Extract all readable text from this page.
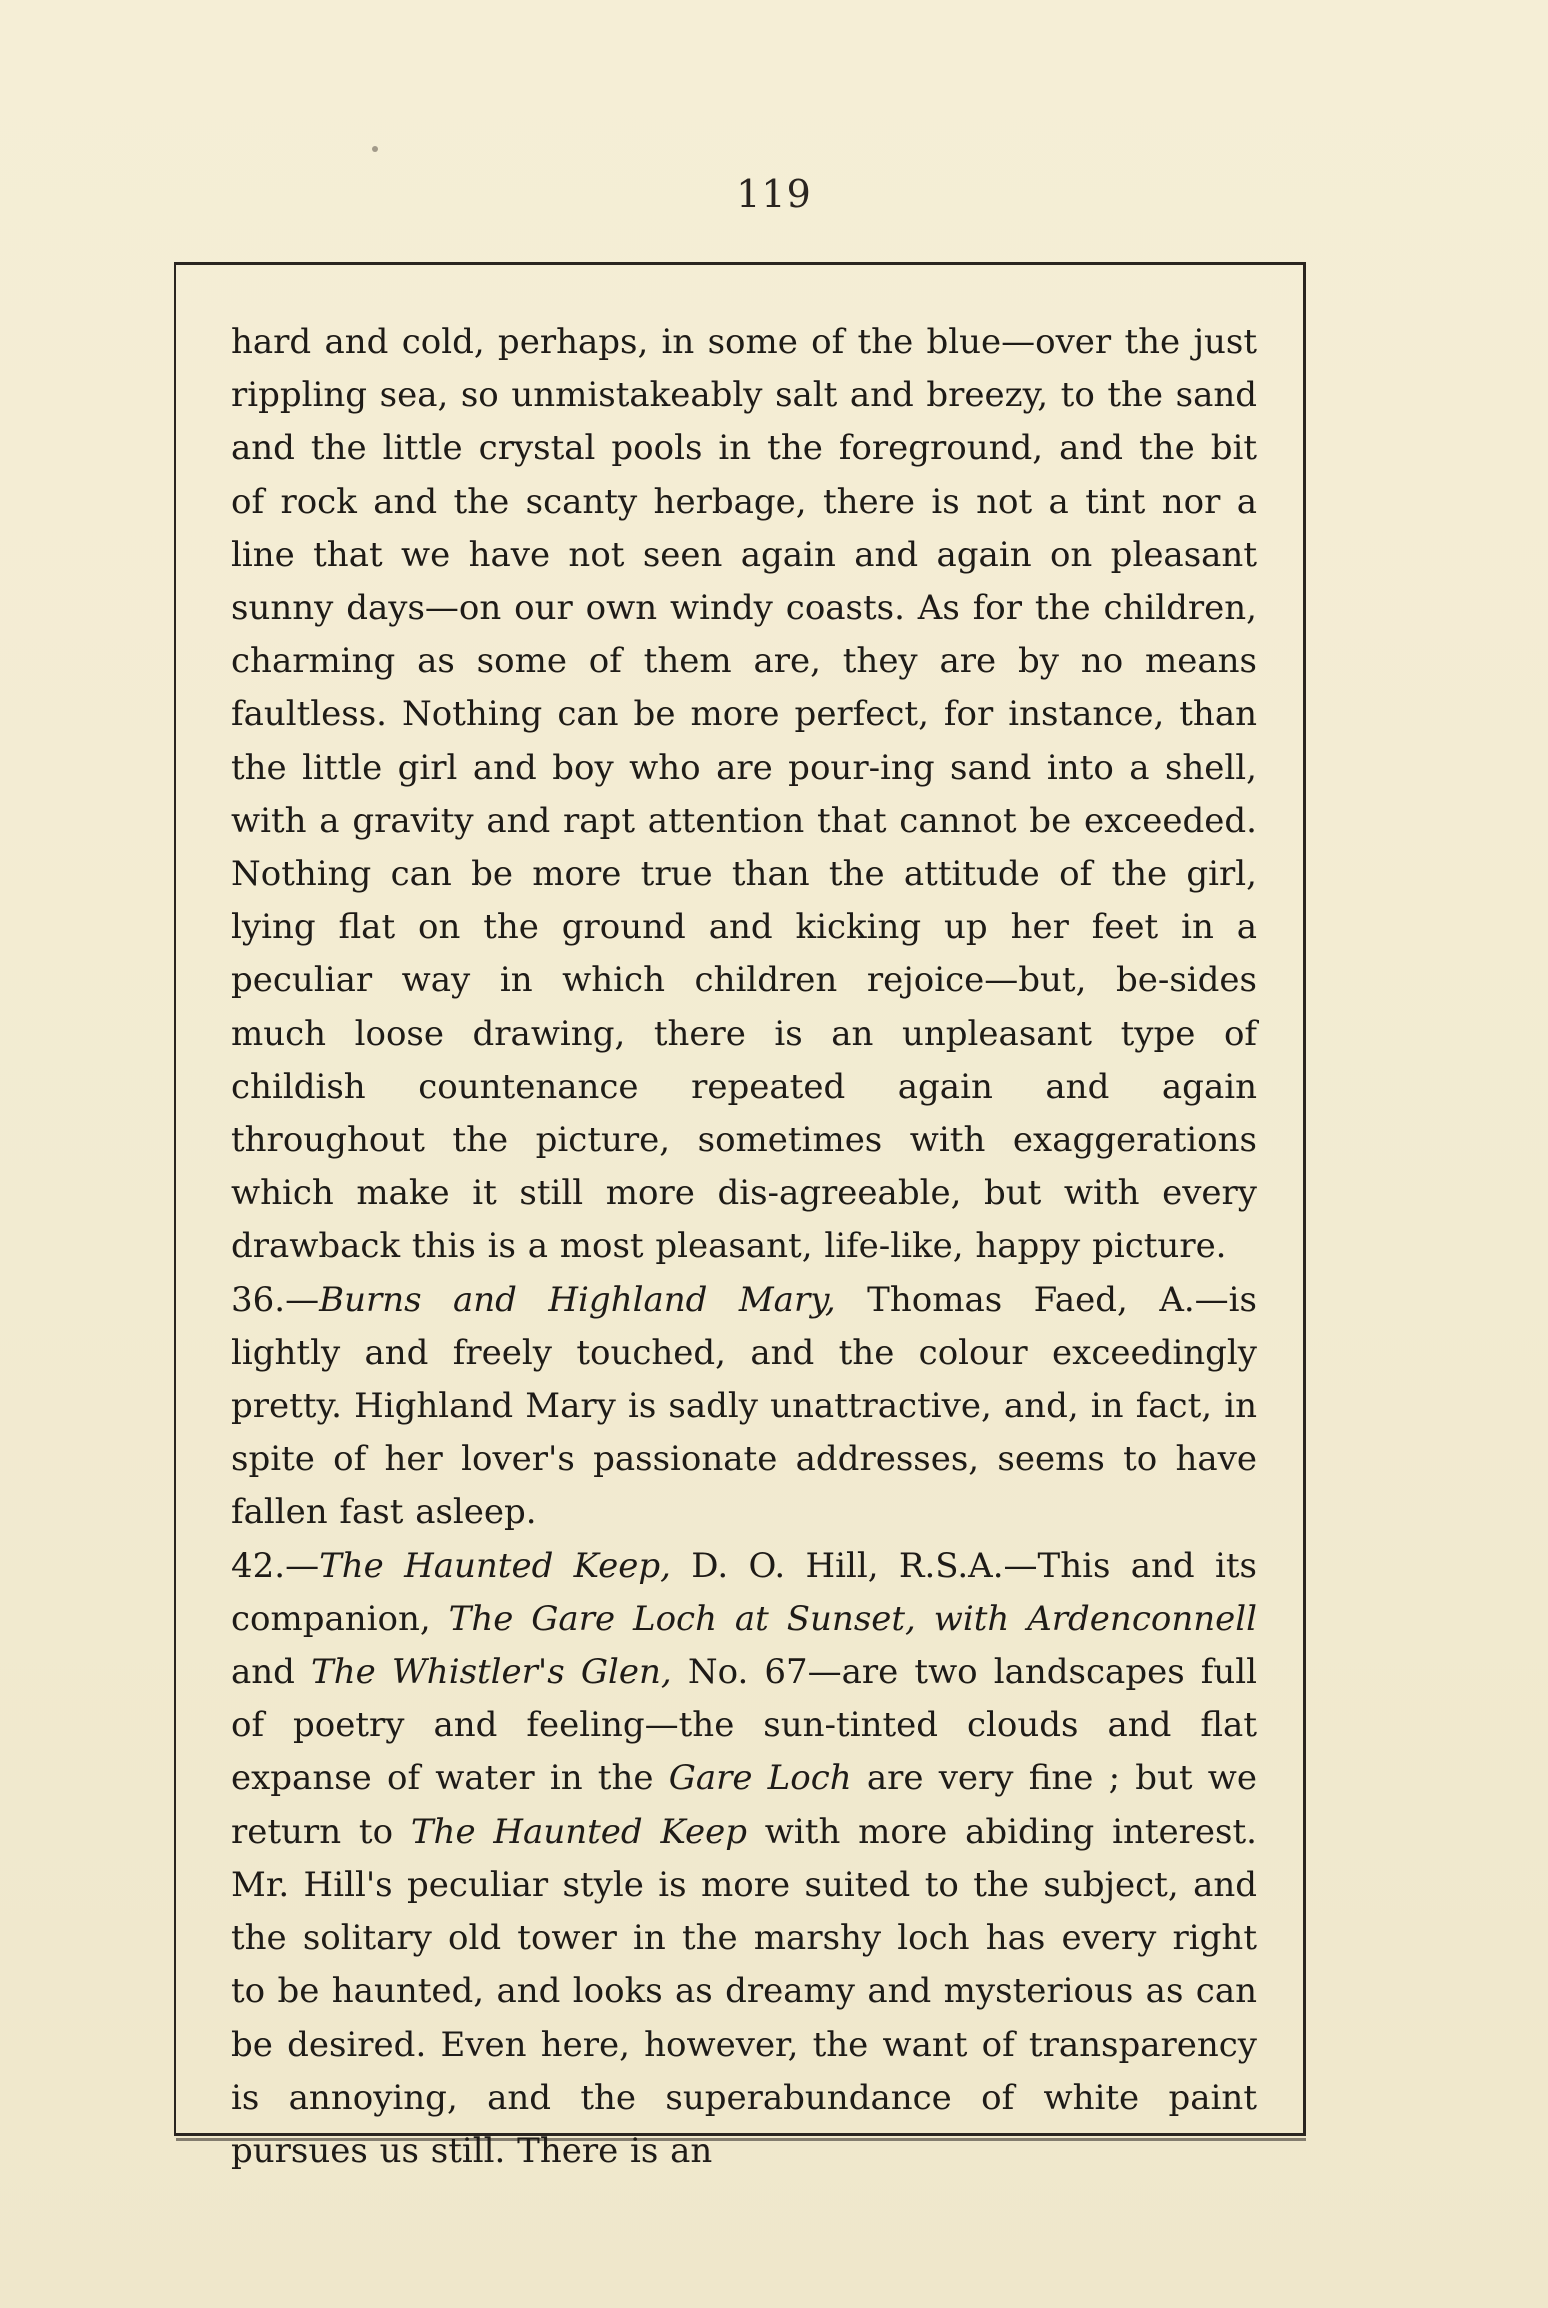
119

hard and cold, perhaps, in some of the blue—over the just rippling sea, so unmistakeably salt and breezy, to the sand and the little crystal pools in the foreground, and the bit of rock and the scanty herbage, there is not a tint nor a line that we have not seen again and again on pleasant sunny days—on our own windy coasts. As for the children, charming as some of them are, they are by no means faultless. Nothing can be more perfect, for instance, than the little girl and boy who are pour-ing sand into a shell, with a gravity and rapt attention that cannot be exceeded. Nothing can be more true than the attitude of the girl, lying flat on the ground and kicking up her feet in a peculiar way in which children rejoice—but, be-sides much loose drawing, there is an unpleasant type of childish countenance repeated again and again throughout the picture, sometimes with exaggerations which make it still more dis-agreeable, but with every drawback this is a most pleasant, life-like, happy picture.

36.—Burns and Highland Mary, Thomas Faed, A.—is lightly and freely touched, and the colour exceedingly pretty. Highland Mary is sadly unattractive, and, in fact, in spite of her lover's passionate addresses, seems to have fallen fast asleep.

42.—The Haunted Keep, D. O. Hill, R.S.A.—This and its companion, The Gare Loch at Sunset, with Ardenconnell and The Whistler's Glen, No. 67—are two landscapes full of poetry and feeling—the sun-tinted clouds and flat expanse of water in the Gare Loch are very fine ; but we return to The Haunted Keep with more abiding interest. Mr. Hill's peculiar style is more suited to the subject, and the solitary old tower in the marshy loch has every right to be haunted, and looks as dreamy and mysterious as can be desired. Even here, however, the want of transparency is annoying, and the superabundance of white paint pursues us still. There is an
